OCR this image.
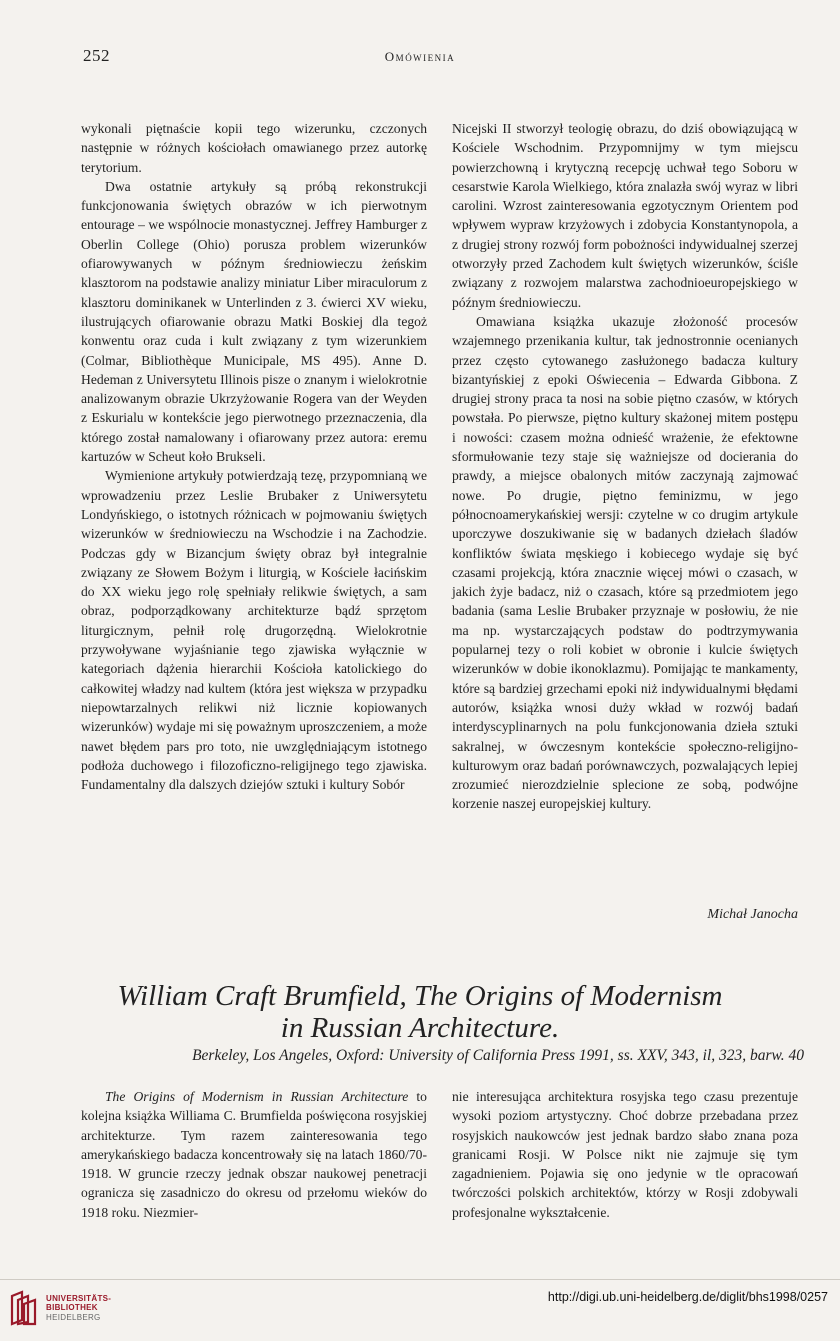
252	Omówienia

wykonali piętnaście kopii tego wizerunku, czczonych następnie w różnych kościołach omawianego przez autorkę terytorium.

Dwa ostatnie artykuły są próbą rekonstrukcji funkcjonowania świętych obrazów w ich pierwotnym entourage – we wspólnocie monastycznej. Jeffrey Hamburger z Oberlin College (Ohio) porusza problem wizerunków ofiarowywanych w późnym średniowieczu żeńskim klasztorom na podstawie analizy miniatur Liber miraculorum z klasztoru dominikanek w Unterlinden z 3. ćwierci XV wieku, ilustrujących ofiarowanie obrazu Matki Boskiej dla tegoż konwentu oraz cuda i kult związany z tym wizerunkiem (Colmar, Bibliothèque Municipale, MS 495). Anne D. Hedeman z Universytetu Illinois pisze o znanym i wielokrotnie analizowanym obrazie Ukrzyżowanie Rogera van der Weyden z Eskurialu w kontekście jego pierwotnego przeznaczenia, dla którego został namalowany i ofiarowany przez autora: eremu kartuzów w Scheut koło Brukseli.

Wymienione artykuły potwierdzają tezę, przypomnianą we wprowadzeniu przez Leslie Brubaker z Uniwersytetu Londyńskiego, o istotnych różnicach w pojmowaniu świętych wizerunków w średniowieczu na Wschodzie i na Zachodzie. Podczas gdy w Bizancjum święty obraz był integralnie związany ze Słowem Bożym i liturgią, w Kościele łacińskim do XX wieku jego rolę spełniały relikwie świętych, a sam obraz, podporządkowany architekturze bądź sprzętom liturgicznym, pełnił rolę drugorzędną. Wielokrotnie przywoływane wyjaśnianie tego zjawiska wyłącznie w kategoriach dążenia hierarchii Kościoła katolickiego do całkowitej władzy nad kultem (która jest większa w przypadku niepowtarzalnych relikwi niż licznie kopiowanych wizerunków) wydaje mi się poważnym uproszczeniem, a może nawet błędem pars pro toto, nie uwzględniającym istotnego podłoża duchowego i filozoficzno-religijnego tego zjawiska. Fundamentalny dla dalszych dziejów sztuki i kultury Sobór

Nicejski II stworzył teologię obrazu, do dziś obowiązującą w Kościele Wschodnim. Przypomnijmy w tym miejscu powierzchowną i krytyczną recepcję uchwał tego Soboru w cesarstwie Karola Wielkiego, która znalazła swój wyraz w libri carolini. Wzrost zainteresowania egzotycznym Orientem pod wpływem wypraw krzyżowych i zdobycia Konstantynopola, a z drugiej strony rozwój form pobożności indywidualnej szerzej otworzyły przed Zachodem kult świętych wizerunków, ściśle związany z rozwojem malarstwa zachodnioeuropejskiego w późnym średniowieczu.

Omawiana książka ukazuje złożoność procesów wzajemnego przenikania kultur, tak jednostronnie ocenianych przez często cytowanego zasłużonego badacza kultury bizantyńskiej z epoki Oświecenia – Edwarda Gibbona. Z drugiej strony praca ta nosi na sobie piętno czasów, w których powstała. Po pierwsze, piętno kultury skażonej mitem postępu i nowości: czasem można odnieść wrażenie, że efektowne sformułowanie tezy staje się ważniejsze od docierania do prawdy, a miejsce obalonych mitów zaczynają zajmować nowe. Po drugie, piętno feminizmu, w jego północnoamerykańskiej wersji: czytelne w co drugim artykule uporczywe doszukiwanie się w badanych dziełach śladów konfliktów świata męskiego i kobiecego wydaje się być czasami projekcją, która znacznie więcej mówi o czasach, w jakich żyje badacz, niż o czasach, które są przedmiotem jego badania (sama Leslie Brubaker przyznaje w posłowiu, że nie ma np. wystarczających podstaw do podtrzymywania popularnej tezy o roli kobiet w obronie i kulcie świętych wizerunków w dobie ikonoklazmu). Pomijając te mankamenty, które są bardziej grzechami epoki niż indywidualnymi błędami autorów, książka wnosi duży wkład w rozwój badań interdyscyplinarnych na polu funkcjonowania dzieła sztuki sakralnej, w ówczesnym kontekście społeczno-religijno-kulturowym oraz badań porównawczych, pozwalających lepiej zrozumieć nierozdzielnie splecione ze sobą, podwójne korzenie naszej europejskiej kultury.

Michał Janocha
William Craft Brumfield, The Origins of Modernism
in Russian Architecture.
Berkeley, Los Angeles, Oxford: University of California Press 1991, ss. XXV, 343, il, 323, barw. 40

The Origins of Modernism in Russian Architecture to kolejna książka Williama C. Brumfielda poświęcona rosyjskiej architekturze. Tym razem zainteresowania tego amerykańskiego badacza koncentrowały się na latach 1860/70-1918. W gruncie rzeczy jednak obszar naukowej penetracji ogranicza się zasadniczo do okresu od przełomu wieków do 1918 roku. Niezmier-

nie interesująca architektura rosyjska tego czasu prezentuje wysoki poziom artystyczny. Choć dobrze przebadana przez rosyjskich naukowców jest jednak bardzo słabo znana poza granicami Rosji. W Polsce nikt nie zajmuje się tym zagadnieniem. Pojawia się ono jedynie w tle opracowań twórczości polskich architektów, którzy w Rosji zdobywali profesjonalne wykształcenie.

UNIVERSITÄTS-
BIBLIOTHEK
HEIDELBERG
http://digi.ub.uni-heidelberg.de/diglit/bhs1998/0257
